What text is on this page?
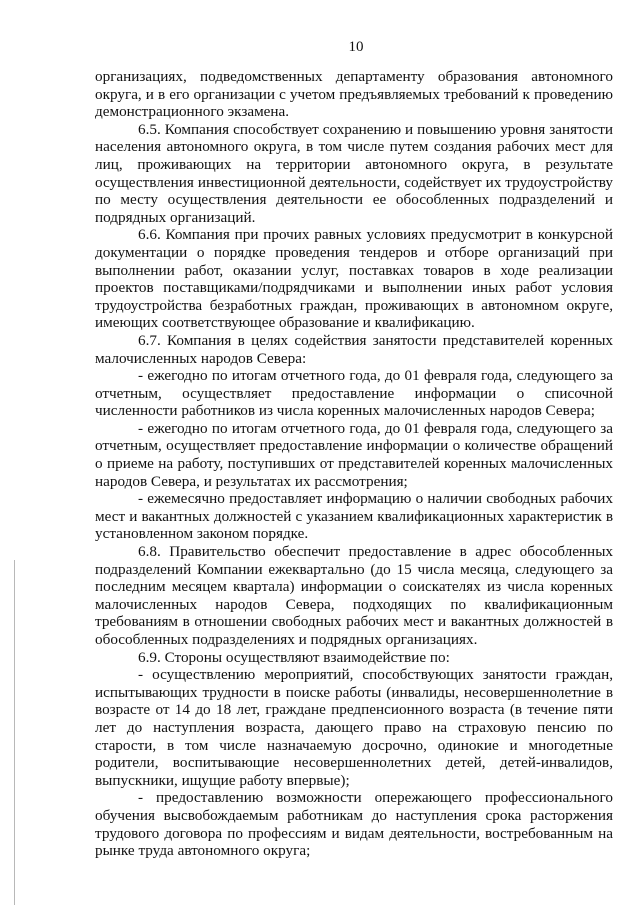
10

организациях, подведомственных департаменту образования автономного округа, и в его организации с учетом предъявляемых требований к проведению демонстрационного экзамена.

6.5. Компания способствует сохранению и повышению уровня занятости населения автономного округа, в том числе путем создания рабочих мест для лиц, проживающих на территории автономного округа, в результате осуществления инвестиционной деятельности, содействует их трудоустройству по месту осуществления деятельности ее обособленных подразделений и подрядных организаций.

6.6. Компания при прочих равных условиях предусмотрит в конкурсной документации о порядке проведения тендеров и отборе организаций при выполнении работ, оказании услуг, поставках товаров в ходе реализации проектов поставщиками/подрядчиками и выполнении иных работ условия трудоустройства безработных граждан, проживающих в автономном округе, имеющих соответствующее образование и квалификацию.

6.7. Компания в целях содействия занятости представителей коренных малочисленных народов Севера:

- ежегодно по итогам отчетного года, до 01 февраля года, следующего за отчетным, осуществляет предоставление информации о списочной численности работников из числа коренных малочисленных народов Севера;

- ежегодно по итогам отчетного года, до 01 февраля года, следующего за отчетным, осуществляет предоставление информации о количестве обращений о приеме на работу, поступивших от представителей коренных малочисленных народов Севера, и результатах их рассмотрения;

- ежемесячно предоставляет информацию о наличии свободных рабочих мест и вакантных должностей с указанием квалификационных характеристик в установленном законом порядке.

6.8. Правительство обеспечит предоставление в адрес обособленных подразделений Компании ежеквартально (до 15 числа месяца, следующего за последним месяцем квартала) информации о соискателях из числа коренных малочисленных народов Севера, подходящих по квалификационным требованиям в отношении свободных рабочих мест и вакантных должностей в обособленных подразделениях и подрядных организациях.

6.9. Стороны осуществляют взаимодействие по:

- осуществлению мероприятий, способствующих занятости граждан, испытывающих трудности в поиске работы (инвалиды, несовершеннолетние в возрасте от 14 до 18 лет, граждане предпенсионного возраста (в течение пяти лет до наступления возраста, дающего право на страховую пенсию по старости, в том числе назначаемую досрочно, одинокие и многодетные родители, воспитывающие несовершеннолетних детей, детей-инвалидов, выпускники, ищущие работу впервые);

- предоставлению возможности опережающего профессионального обучения высвобождаемым работникам до наступления срока расторжения трудового договора по профессиям и видам деятельности, востребованным на рынке труда автономного округа;
